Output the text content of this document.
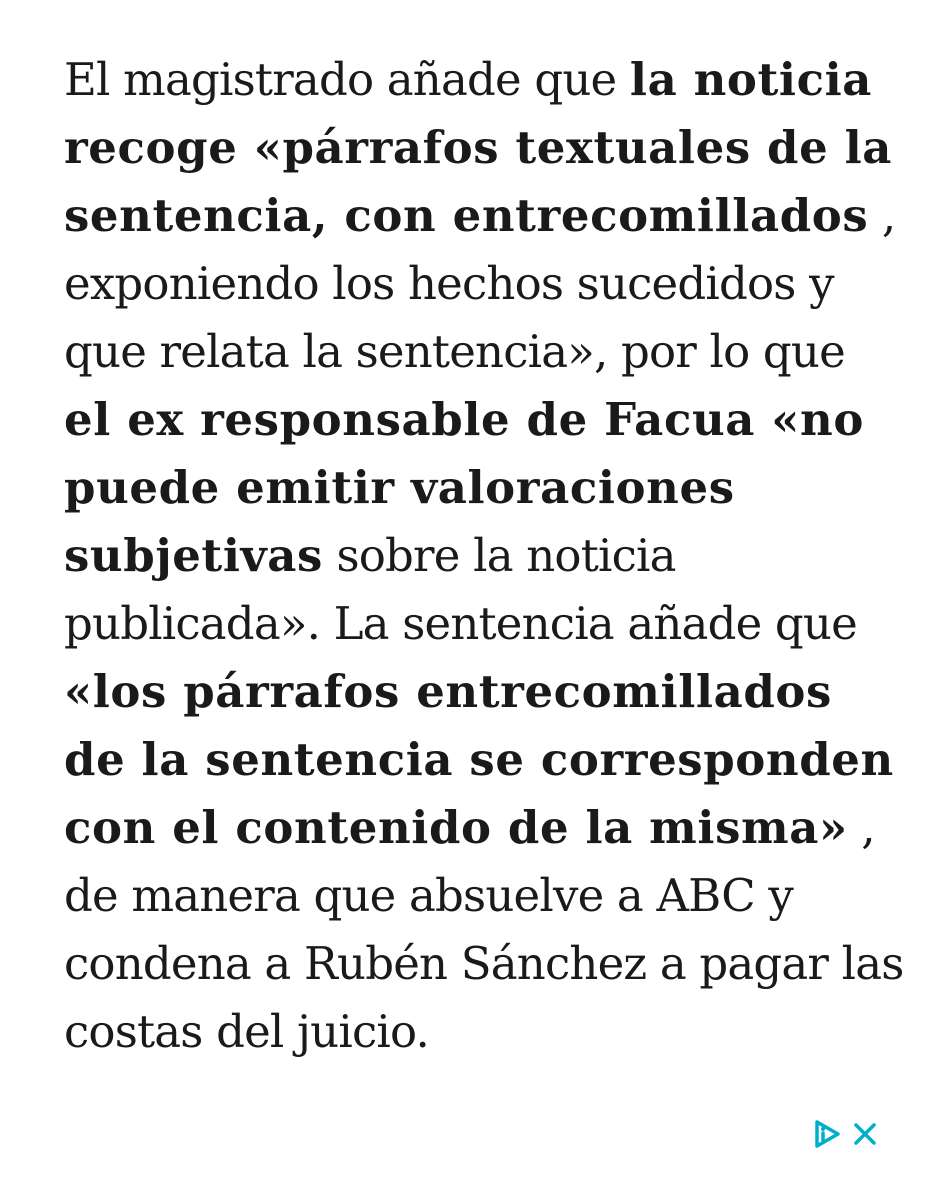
El magistrado añade que la noticia recoge «párrafos textuales de la sentencia, con entrecomillados , exponiendo los hechos sucedidos y que relata la sentencia», por lo que el ex responsable de Facua «no puede emitir valoraciones subjetivas sobre la noticia publicada». La sentencia añade que «los párrafos entrecomillados de la sentencia se corresponden con el contenido de la misma» , de manera que absuelve a ABC y condena a Rubén Sánchez a pagar las costas del juicio.
